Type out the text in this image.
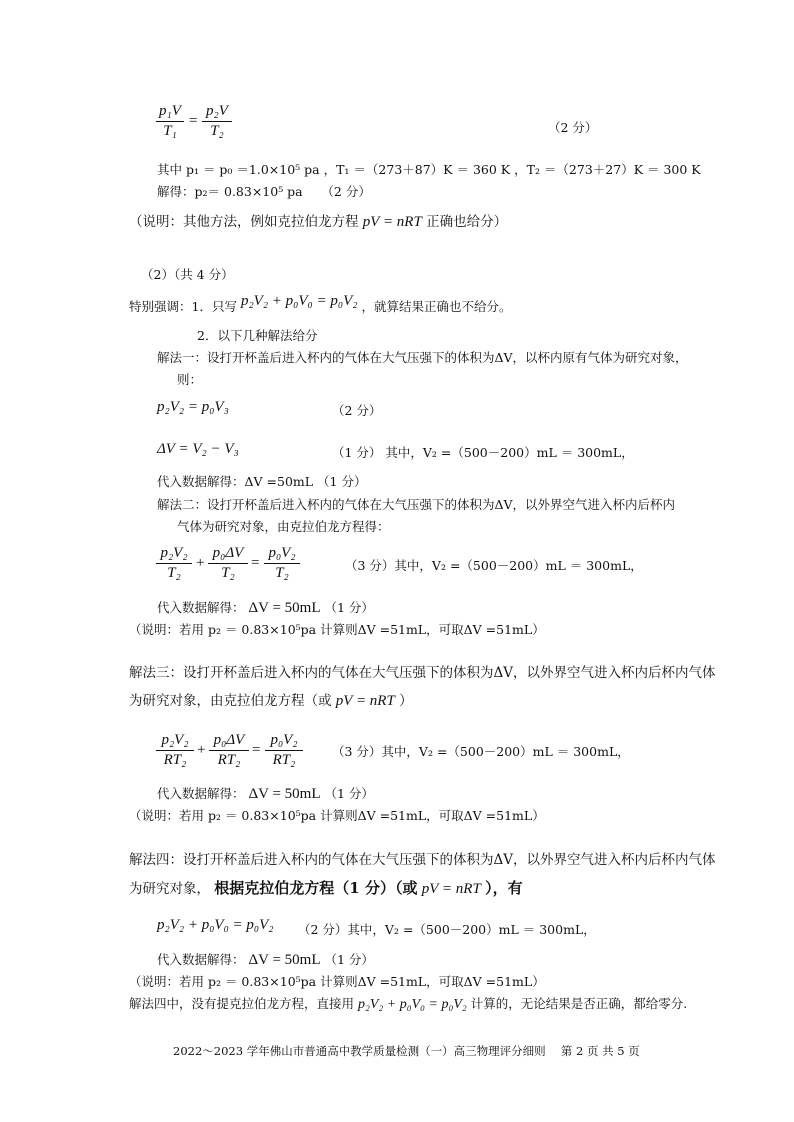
p₁V
T₁
=
p₂V
T₂	（2 分）
其中 p₁ ＝ p₀ ＝1.0×10⁵ pa ，T₁ ＝（273＋87）K ＝ 360 K ，T₂ ＝（273＋27）K ＝ 300 K
解得：p₂＝ 0.83×10⁵ pa　　（2 分）
（说明：其他方法，例如克拉伯龙方程 pV = nRT 正确也给分）
（2）（共 4 分）
特别强调：1．只写 p₂V₂ + p₀V₀ = p₀V₂ ，就算结果正确也不给分。
2．以下几种解法给分
解法一：设打开杯盖后进入杯内的气体在大气压强下的体积为ΔV，以杯内原有气体为研究对象，
则：
p₂V₂ = p₀V₃	（2 分）
ΔV = V₂ − V₃	（1 分） 其中，V₂ =（500－200）mL ＝ 300mL，
代入数据解得：ΔV =50mL （1 分）
解法二：设打开杯盖后进入杯内的气体在大气压强下的体积为ΔV，以外界空气进入杯内后杯内
气体为研究对象，由克拉伯龙方程得：
p₂V₂
T₂
+
p₀ΔV
T₂
=
p₀V₂
T₂	（3 分）其中，V₂ =（500－200）mL ＝ 300mL，
代入数据解得： ΔV = 50mL （1 分）
（说明：若用 p₂ ＝ 0.83×10⁵pa 计算则ΔV =51mL，可取ΔV =51mL）
解法三：设打开杯盖后进入杯内的气体在大气压强下的体积为ΔV，以外界空气进入杯内后杯内气体
为研究对象，由克拉伯龙方程（或 pV = nRT ）
p₂V₂
RT₂
+
p₀ΔV
RT₂
=
p₀V₂
RT₂
（3 分）其中，V₂ =（500－200）mL ＝ 300mL，
代入数据解得： ΔV = 50mL （1 分）
（说明：若用 p₂ ＝ 0.83×10⁵pa 计算则ΔV =51mL，可取ΔV =51mL）
解法四：设打开杯盖后进入杯内的气体在大气压强下的体积为ΔV，以外界空气进入杯内后杯内气体
为研究对象， 根据克拉伯龙方程（1 分）（或 pV = nRT ），有
p₂V₂ + p₀V₀ = p₀V₂ （2 分）其中，V₂ =（500－200）mL ＝ 300mL，
代入数据解得： ΔV = 50mL （1 分）
（说明：若用 p₂ ＝ 0.83×10⁵pa 计算则ΔV =51mL，可取ΔV =51mL）
解法四中，没有提克拉伯龙方程，直接用 p₂V₂ + p₀V₀ = p₀V₂ 计算的，无论结果是否正确，都给零分.
2022～2023 学年佛山市普通高中教学质量检测（一）高三物理评分细则　 第 2 页 共 5 页
